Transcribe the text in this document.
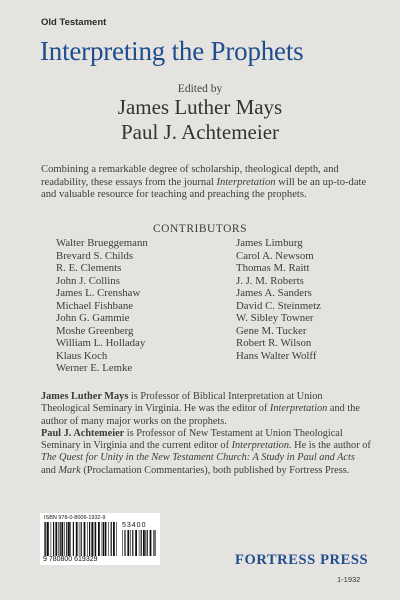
Old Testament
Interpreting the Prophets
Edited by
James Luther Mays
Paul J. Achtemeier
Combining a remarkable degree of scholarship, theological depth, and readability, these essays from the journal Interpretation will be an up-to-date and valuable resource for teaching and preaching the prophets.
CONTRIBUTORS
Walter Brueggemann
Brevard S. Childs
R. E. Clements
John J. Collins
James L. Crenshaw
Michael Fishbane
John G. Gammie
Moshe Greenberg
William L. Holladay
Klaus Koch
Werner E. Lemke
James Limburg
Carol A. Newsom
Thomas M. Raitt
J. J. M. Roberts
James A. Sanders
David C. Steinmetz
W. Sibley Towner
Gene M. Tucker
Robert R. Wilson
Hans Walter Wolff

James Luther Mays is Professor of Biblical Interpretation at Union Theological Seminary in Virginia. He was the editor of Interpretation and the author of many major works on the prophets.

Paul J. Achtemeier is Professor of New Testament at Union Theological Seminary in Virginia and the current editor of Interpretation. He is the author of The Quest for Unity in the New Testament Church: A Study in Paul and Acts and Mark (Proclamation Commentaries), both published by Fortress Press.

ISBN 978-0-8006-1932-9
53400
9 780800 619329	FORTRESS PRESS
1-1932
